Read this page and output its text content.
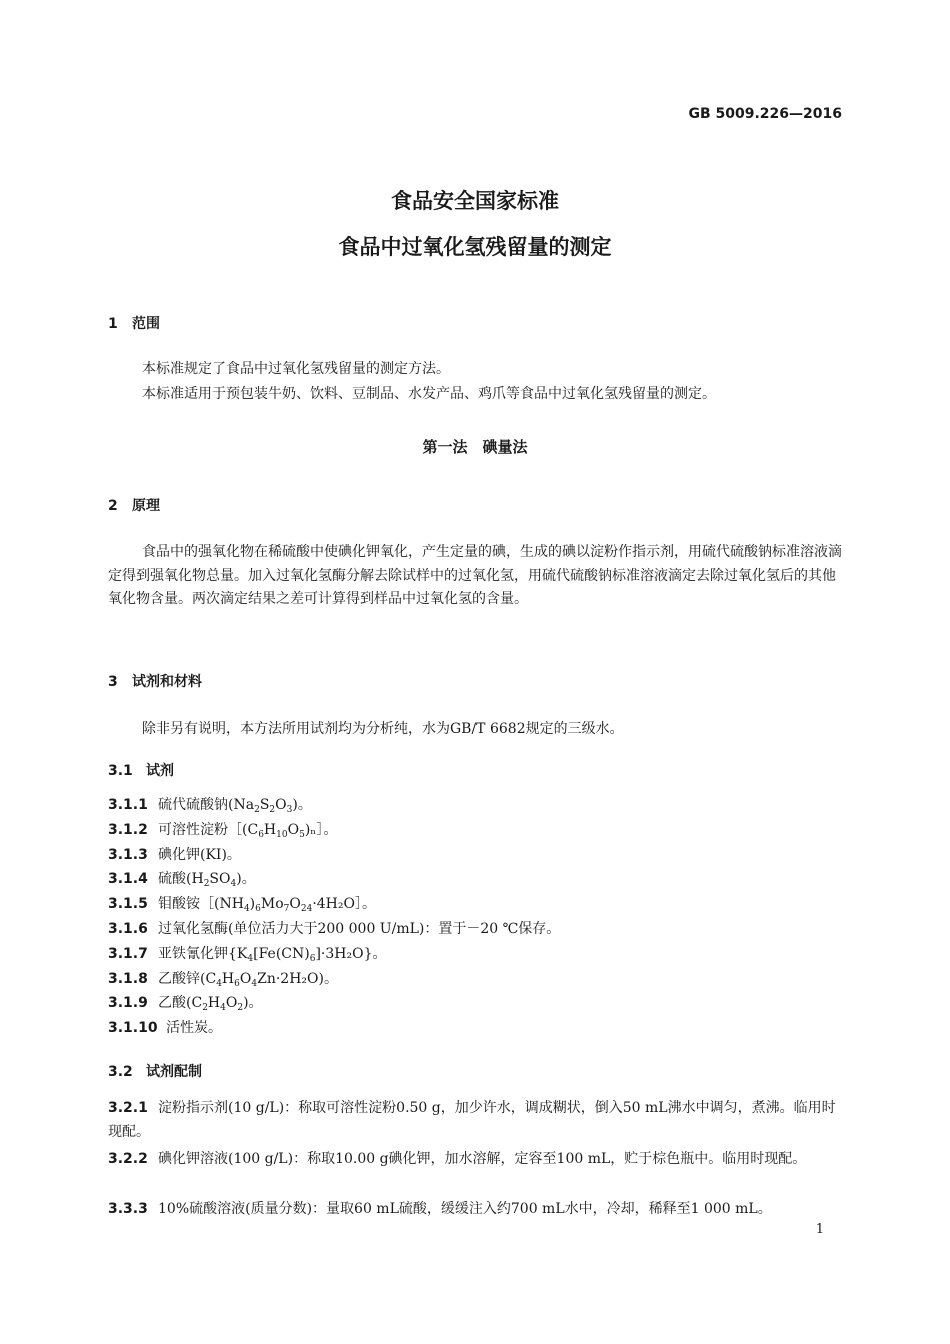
GB 5009.226—2016
食品安全国家标准
食品中过氧化氢残留量的测定
1 范围
本标准规定了食品中过氧化氢残留量的测定方法。
本标准适用于预包装牛奶、饮料、豆制品、水发产品、鸡爪等食品中过氧化氢残留量的测定。
第一法　碘量法
2 原理
食品中的强氧化物在稀硫酸中使碘化钾氧化，产生定量的碘，生成的碘以淀粉作指示剂，用硫代硫酸钠标准溶液滴定得到强氧化物总量。加入过氧化氢酶分解去除试样中的过氧化氢，用硫代硫酸钠标准溶液滴定去除过氧化氢后的其他氧化物含量。两次滴定结果之差可计算得到样品中过氧化氢的含量。
3 试剂和材料
除非另有说明，本方法所用试剂均为分析纯，水为GB/T 6682规定的三级水。
3.1 试剂
3.1.1 硫代硫酸钠$(Na_2S_2O_3)$。
3.1.2 可溶性淀粉$[(C_6H_{10}O_5)_n]$。
3.1.3 碘化钾(KI)。
3.1.4 硫酸$(H_2SO_4)$。
3.1.5 钼酸铵$[(NH_4)_6Mo_7O_{24}\cdot 4H_2O]$。
3.1.6 过氧化氢酶(单位活力大于200 000 U/mL)：置于－20 ℃保存。
3.1.7 亚铁氰化钾$\{K_4[Fe(CN)_6]\cdot 3H_2O\}$。
3.1.8 乙酸锌$(C_4H_6O_4Zn\cdot 2H_2O)$。
3.1.9 乙酸$(C_2H_4O_2)$。
3.1.10 活性炭。
3.2 试剂配制
3.2.1 淀粉指示剂(10 g/L)：称取可溶性淀粉0.50 g，加少许水，调成糊状，倒入50 mL沸水中调匀，煮沸。临用时现配。
3.2.2 碘化钾溶液(100 g/L)：称取10.00 g碘化钾，加水溶解，定容至100 mL，贮于棕色瓶中。临用时现配。
3.3.3 10%硫酸溶液(质量分数)：量取60 mL硫酸，缓缓注入约700 mL水中，冷却，稀释至1 000 mL。
1
